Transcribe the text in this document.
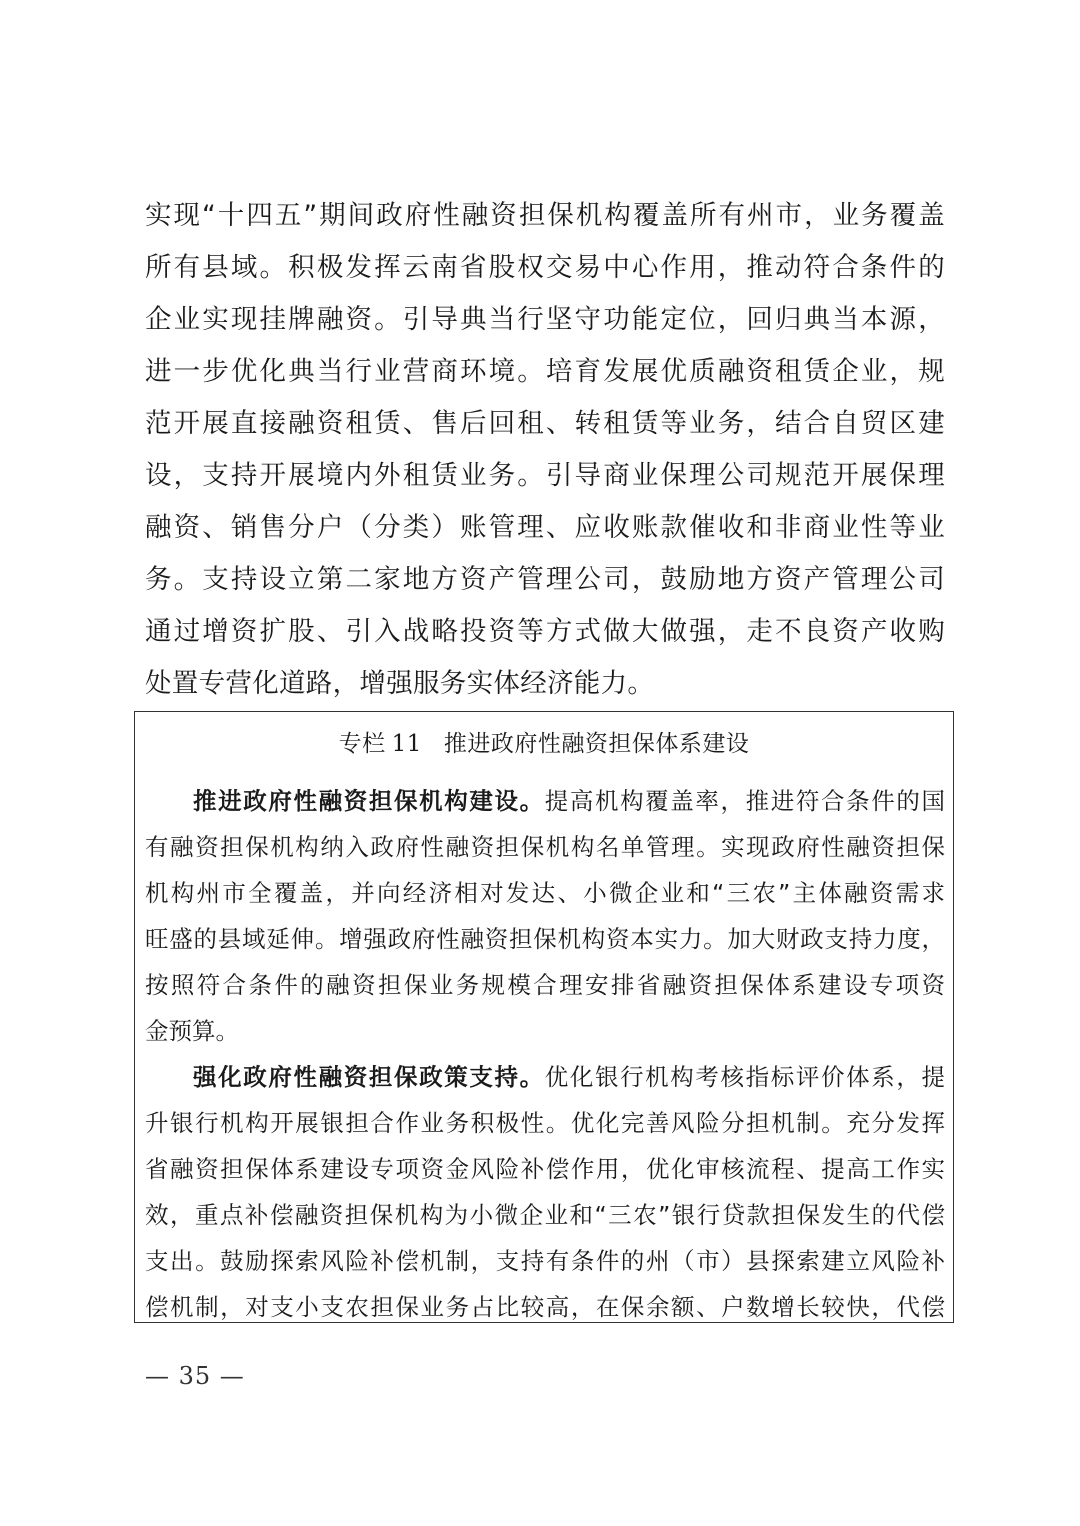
实现“十四五”期间政府性融资担保机构覆盖所有州市，业务覆盖
所有县域。积极发挥云南省股权交易中心作用，推动符合条件的
企业实现挂牌融资。引导典当行坚守功能定位，回归典当本源，
进一步优化典当行业营商环境。培育发展优质融资租赁企业，规
范开展直接融资租赁、售后回租、转租赁等业务，结合自贸区建
设，支持开展境内外租赁业务。引导商业保理公司规范开展保理
融资、销售分户（分类）账管理、应收账款催收和非商业性等业
务。支持设立第二家地方资产管理公司，鼓励地方资产管理公司
通过增资扩股、引入战略投资等方式做大做强，走不良资产收购
处置专营化道路，增强服务实体经济能力。
专栏 11 推进政府性融资担保体系建设
推进政府性融资担保机构建设。提高机构覆盖率，推进符合条件的国
有融资担保机构纳入政府性融资担保机构名单管理。实现政府性融资担保
机构州市全覆盖，并向经济相对发达、小微企业和“三农”主体融资需求
旺盛的县域延伸。增强政府性融资担保机构资本实力。加大财政支持力度，
按照符合条件的融资担保业务规模合理安排省融资担保体系建设专项资
金预算。
强化政府性融资担保政策支持。优化银行机构考核指标评价体系，提
升银行机构开展银担合作业务积极性。优化完善风险分担机制。充分发挥
省融资担保体系建设专项资金风险补偿作用，优化审核流程、提高工作实
效，重点补偿融资担保机构为小微企业和“三农”银行贷款担保发生的代偿
支出。鼓励探索风险补偿机制，支持有条件的州（市）县探索建立风险补
偿机制，对支小支农担保业务占比较高，在保余额、户数增长较快，代偿
— 35 —
